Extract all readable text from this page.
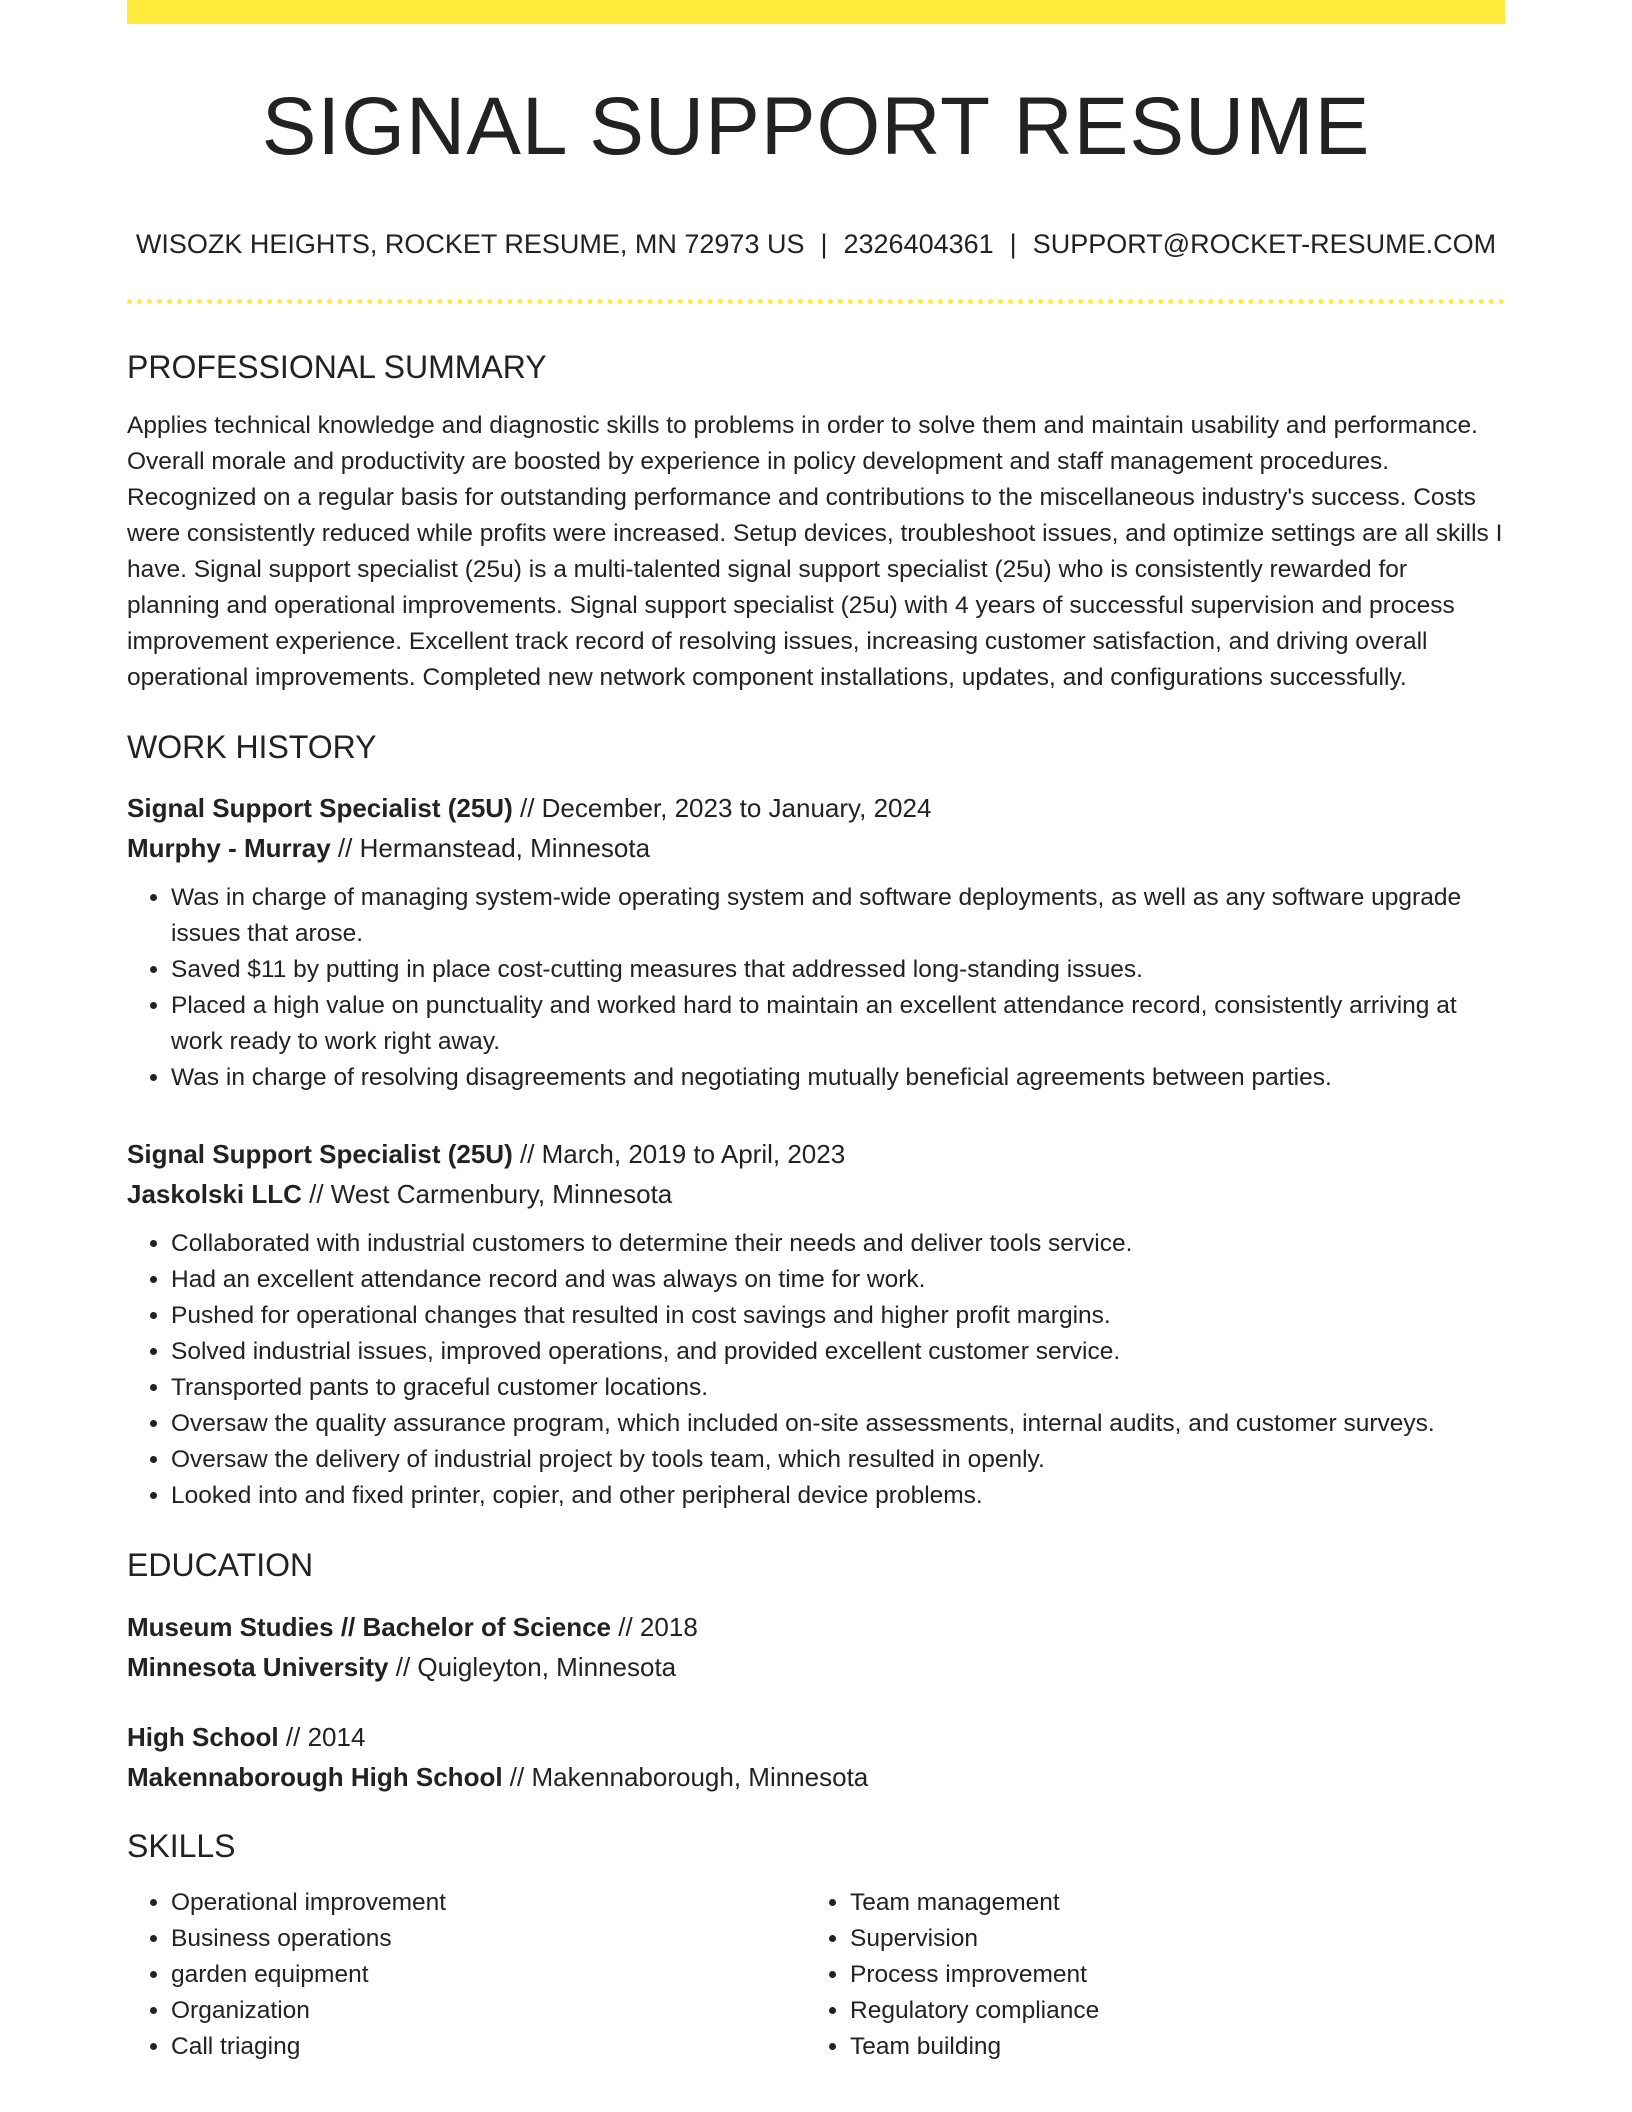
SIGNAL SUPPORT RESUME
WISOZK HEIGHTS, ROCKET RESUME, MN 72973 US | 2326404361 | SUPPORT@ROCKET-RESUME.COM
PROFESSIONAL SUMMARY

Applies technical knowledge and diagnostic skills to problems in order to solve them and maintain usability and performance. Overall morale and productivity are boosted by experience in policy development and staff management procedures. Recognized on a regular basis for outstanding performance and contributions to the miscellaneous industry's success. Costs were consistently reduced while profits were increased. Setup devices, troubleshoot issues, and optimize settings are all skills I have. Signal support specialist (25u) is a multi-talented signal support specialist (25u) who is consistently rewarded for planning and operational improvements. Signal support specialist (25u) with 4 years of successful supervision and process improvement experience. Excellent track record of resolving issues, increasing customer satisfaction, and driving overall operational improvements. Completed new network component installations, updates, and configurations successfully.

WORK HISTORY
Signal Support Specialist (25U) // December, 2023 to January, 2024
Murphy - Murray // Hermanstead, Minnesota
• Was in charge of managing system-wide operating system and software deployments, as well as any software upgrade issues that arose.
• Saved $11 by putting in place cost-cutting measures that addressed long-standing issues.
• Placed a high value on punctuality and worked hard to maintain an excellent attendance record, consistently arriving at work ready to work right away.
• Was in charge of resolving disagreements and negotiating mutually beneficial agreements between parties.
Signal Support Specialist (25U) // March, 2019 to April, 2023
Jaskolski LLC // West Carmenbury, Minnesota
• Collaborated with industrial customers to determine their needs and deliver tools service.
• Had an excellent attendance record and was always on time for work.
• Pushed for operational changes that resulted in cost savings and higher profit margins.
• Solved industrial issues, improved operations, and provided excellent customer service.
• Transported pants to graceful customer locations.
• Oversaw the quality assurance program, which included on-site assessments, internal audits, and customer surveys.
• Oversaw the delivery of industrial project by tools team, which resulted in openly.
• Looked into and fixed printer, copier, and other peripheral device problems.
EDUCATION
Museum Studies // Bachelor of Science // 2018
Minnesota University // Quigleyton, Minnesota
High School // 2014
Makennaborough High School // Makennaborough, Minnesota
SKILLS
• Operational improvement
• Business operations
• garden equipment
• Organization
• Call triaging
• Team management
• Supervision
• Process improvement
• Regulatory compliance
• Team building
